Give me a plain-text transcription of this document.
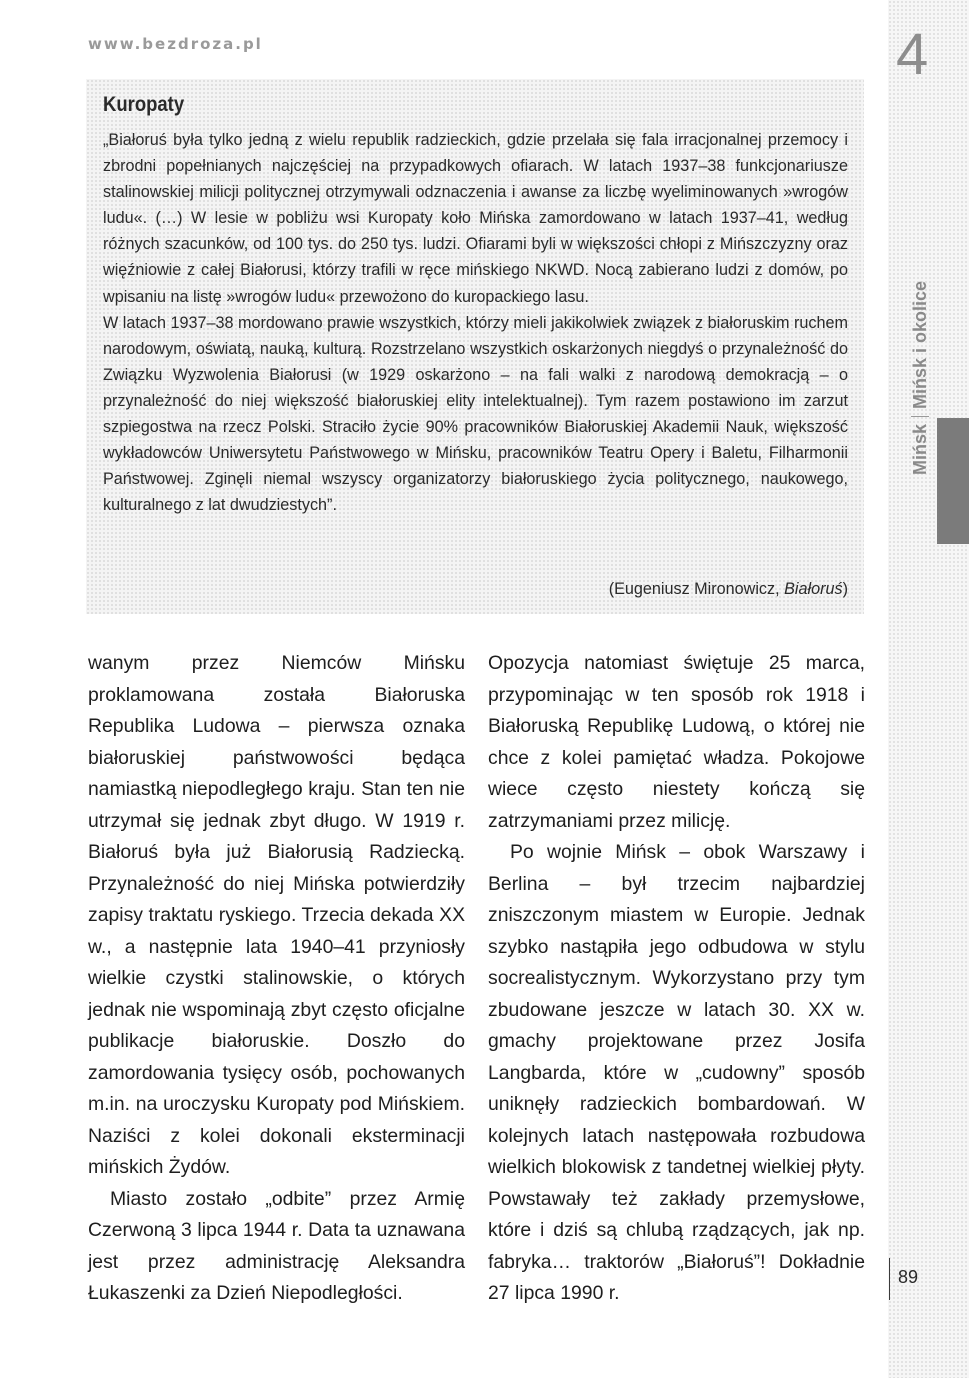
www.bezdroza.pl	4
MińskMińsk i okolice
Kuropaty

„Białoruś była tylko jedną z wielu republik radzieckich, gdzie przelała się fala irracjonalnej przemocy i zbrodni popełnianych najczęściej na przypadkowych ofiarach. W latach 1937–38 funkcjonariusze stalinowskiej milicji politycznej otrzymywali odznaczenia i awanse za liczbę wyeliminowanych »wrogów ludu«. (…) W lesie w pobliżu wsi Kuropaty koło Mińska zamordowano w latach 1937–41, według różnych szacunków, od 100 tys. do 250 tys. ludzi. Ofiarami byli w większości chłopi z Mińszczyzny oraz więźniowie z całej Białorusi, którzy trafili w ręce mińskiego NKWD. Nocą zabierano ludzi z domów, po wpisaniu na listę »wrogów ludu« przewożono do kuropackiego lasu.

W latach 1937–38 mordowano prawie wszystkich, którzy mieli jakikolwiek związek z białoruskim ruchem narodowym, oświatą, nauką, kulturą. Rozstrzelano wszystkich oskarżonych niegdyś o przynależność do Związku Wyzwolenia Białorusi (w 1929 oskarżono – na fali walki z narodową demokracją – o przynależność do niej większość białoruskiej elity intelektualnej). Tym razem postawiono im zarzut szpiegostwa na rzecz Polski. Straciło życie 90% pracowników Białoruskiej Akademii Nauk, większość wykładowców Uniwersytetu Państwowego w Mińsku, pracowników Teatru Opery i Baletu, Filharmonii Państwowej. Zginęli niemal wszyscy organizatorzy białoruskiego życia politycznego, naukowego, kulturalnego z lat dwudziestych”.

(Eugeniusz Mironowicz, Białoruś)

wanym przez Niemców Mińsku proklamowana została Białoruska Republika Ludowa – pierwsza oznaka białoruskiej państwowości będąca namiastką niepodległego kraju. Stan ten nie utrzymał się jednak zbyt długo. W 1919 r. Białoruś była już Białorusią Radziecką. Przynależność do niej Mińska potwierdziły zapisy traktatu ryskiego. Trzecia dekada XX w., a następnie lata 1940–41 przyniosły wielkie czystki stalinowskie, o których jednak nie wspominają zbyt często oficjalne publikacje białoruskie. Doszło do zamordowania tysięcy osób, pochowanych m.in. na uroczysku Kuropaty pod Mińskiem. Naziści z kolei dokonali eksterminacji mińskich Żydów.

Miasto zostało „odbite” przez Armię Czerwoną 3 lipca 1944 r. Data ta uznawana jest przez administrację Aleksandra Łukaszenki za Dzień Niepodległości.

Opozycja natomiast świętuje 25 marca, przypominając w ten sposób rok 1918 i Białoruską Republikę Ludową, o której nie chce z kolei pamiętać władza. Pokojowe wiece często niestety kończą się zatrzymaniami przez milicję.

Po wojnie Mińsk – obok Warszawy i Berlina – był trzecim najbardziej zniszczonym miastem w Europie. Jednak szybko nastąpiła jego odbudowa w stylu socrealistycznym. Wykorzystano przy tym zbudowane jeszcze w latach 30. XX w. gmachy projektowane przez Josifa Langbarda, które w „cudowny” sposób uniknęły radzieckich bombardowań. W kolejnych latach następowała rozbudowa wielkich blokowisk z tandetnej wielkiej płyty. Powstawały też zakłady przemysłowe, które i dziś są chlubą rządzących, jak np. fabryka… traktorów „Białoruś”! Dokładnie 27 lipca 1990 r.

89
